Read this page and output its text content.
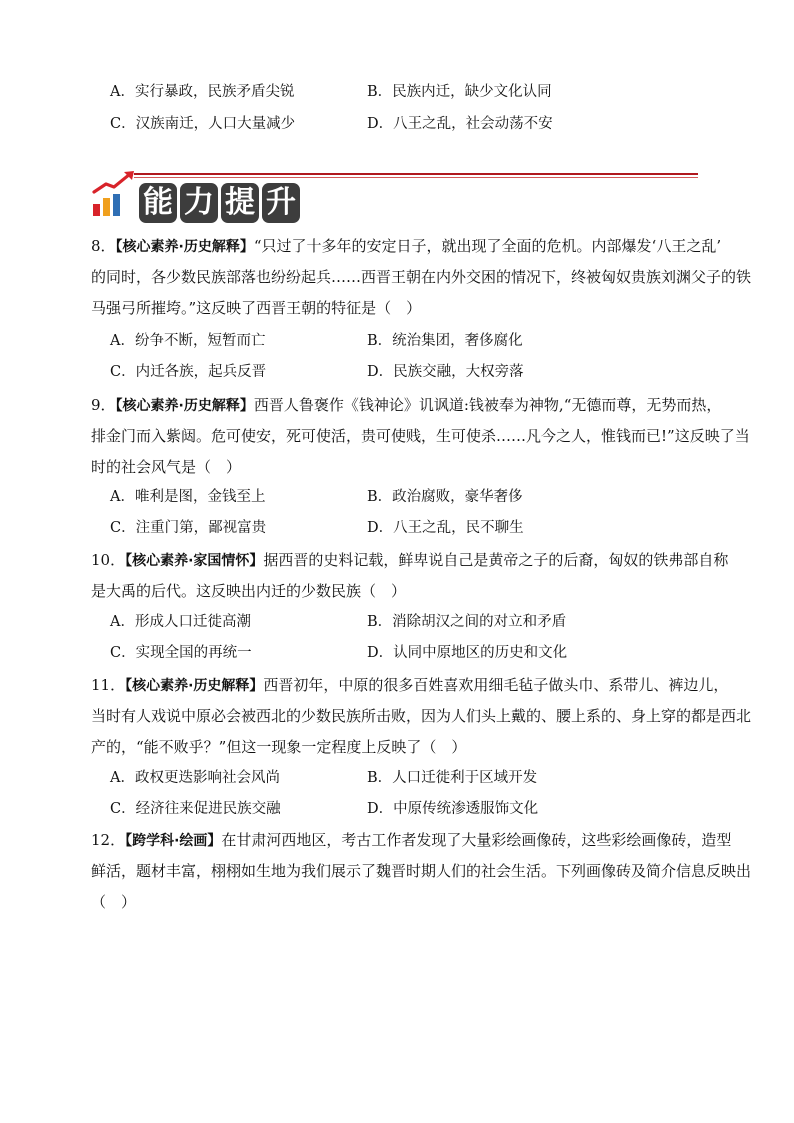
A．实行暴政，民族矛盾尖锐	B．民族内迁，缺少文化认同
C．汉族南迁，人口大量减少	D．八王之乱，社会动荡不安
能 力 提 升
8．【核心素养·历史解释】“只过了十多年的安定日子，就出现了全面的危机。内部爆发‘八王之乱’
的同时，各少数民族部落也纷纷起兵……西晋王朝在内外交困的情况下，终被匈奴贵族刘渊父子的铁
马强弓所摧垮。”这反映了西晋王朝的特征是（　）
A．纷争不断，短暂而亡	B．统治集团，奢侈腐化
C．内迁各族，起兵反晋	D．民族交融，大权旁落
9．【核心素养·历史解释】西晋人鲁褒作《钱神论》讥讽道:钱被奉为神物,“无德而尊，无势而热，
排金门而入紫闼。危可使安，死可使活，贵可使贱，生可使杀……凡今之人，惟钱而已!”这反映了当
时的社会风气是（　）
A．唯利是图，金钱至上	B．政治腐败，豪华奢侈
C．注重门第，鄙视富贵	D．八王之乱，民不聊生
10．【核心素养·家国情怀】据西晋的史料记载，鲜卑说自己是黄帝之子的后裔，匈奴的铁弗部自称
是大禹的后代。这反映出内迁的少数民族（　）
A．形成人口迁徙高潮	B．消除胡汉之间的对立和矛盾
C．实现全国的再统一	D．认同中原地区的历史和文化
11．【核心素养·历史解释】西晋初年，中原的很多百姓喜欢用细毛毡子做头巾、系带儿、裤边儿，
当时有人戏说中原必会被西北的少数民族所击败，因为人们头上戴的、腰上系的、身上穿的都是西北
产的，“能不败乎？”但这一现象一定程度上反映了（　）
A．政权更迭影响社会风尚	B．人口迁徙利于区域开发
C．经济往来促进民族交融	D．中原传统渗透服饰文化
12．【跨学科·绘画】在甘肃河西地区，考古工作者发现了大量彩绘画像砖，这些彩绘画像砖，造型
鲜活，题材丰富，栩栩如生地为我们展示了魏晋时期人们的社会生活。下列画像砖及简介信息反映出
（　）
